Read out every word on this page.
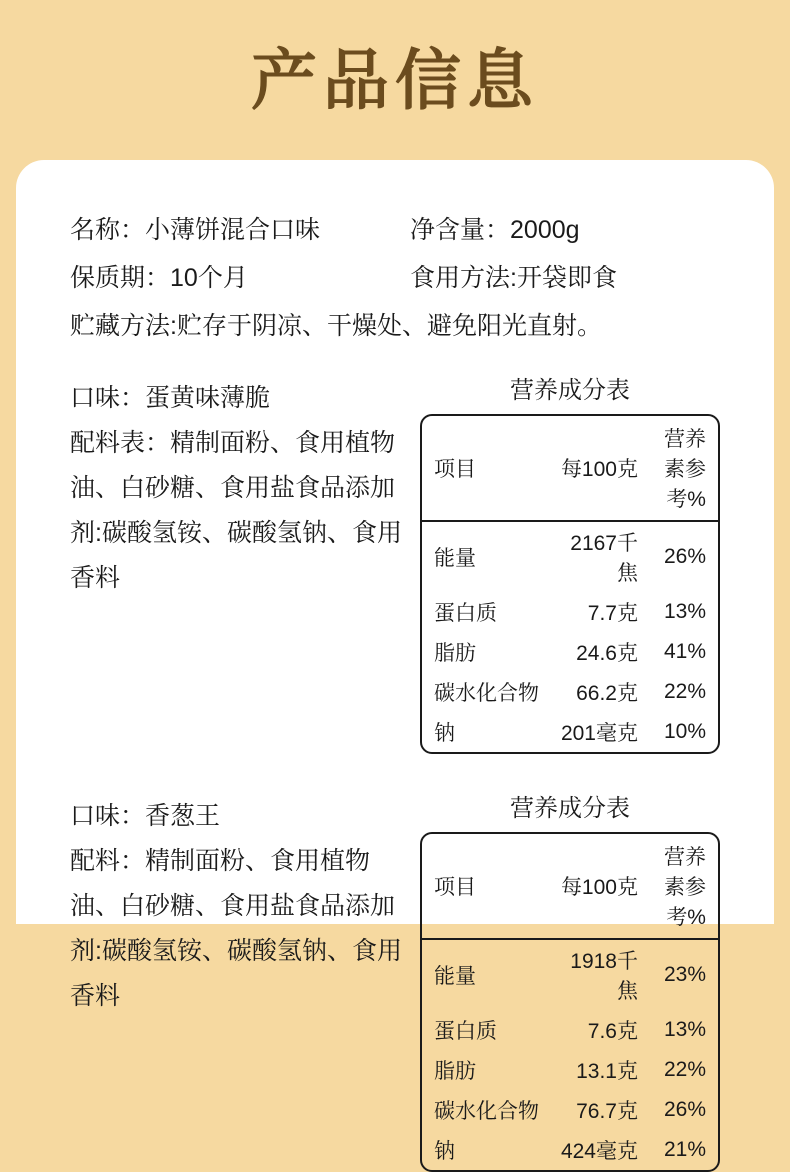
产品信息
名称：小薄饼混合口味	净含量：2000g
保质期：10个月	食用方法:开袋即食
贮藏方法:贮存于阴凉、干燥处、避免阳光直射。
口味：蛋黄味薄脆
配料表：精制面粉、食用植物油、白砂糖、食用盐食品添加剂:碳酸氢铵、碳酸氢钠、食用香料
营养成分表
项目	每100克	营养素参考%
能量	2167千焦	26%
蛋白质	7.7克	13%
脂肪	24.6克	41%
碳水化合物	66.2克	22%
钠	201毫克	10%
口味：香葱王
配料：精制面粉、食用植物油、白砂糖、食用盐食品添加剂:碳酸氢铵、碳酸氢钠、食用香料
营养成分表
项目	每100克	营养素参考%
能量	1918千焦	23%
蛋白质	7.6克	13%
脂肪	13.1克	22%
碳水化合物	76.7克	26%
钠	424毫克	21%
